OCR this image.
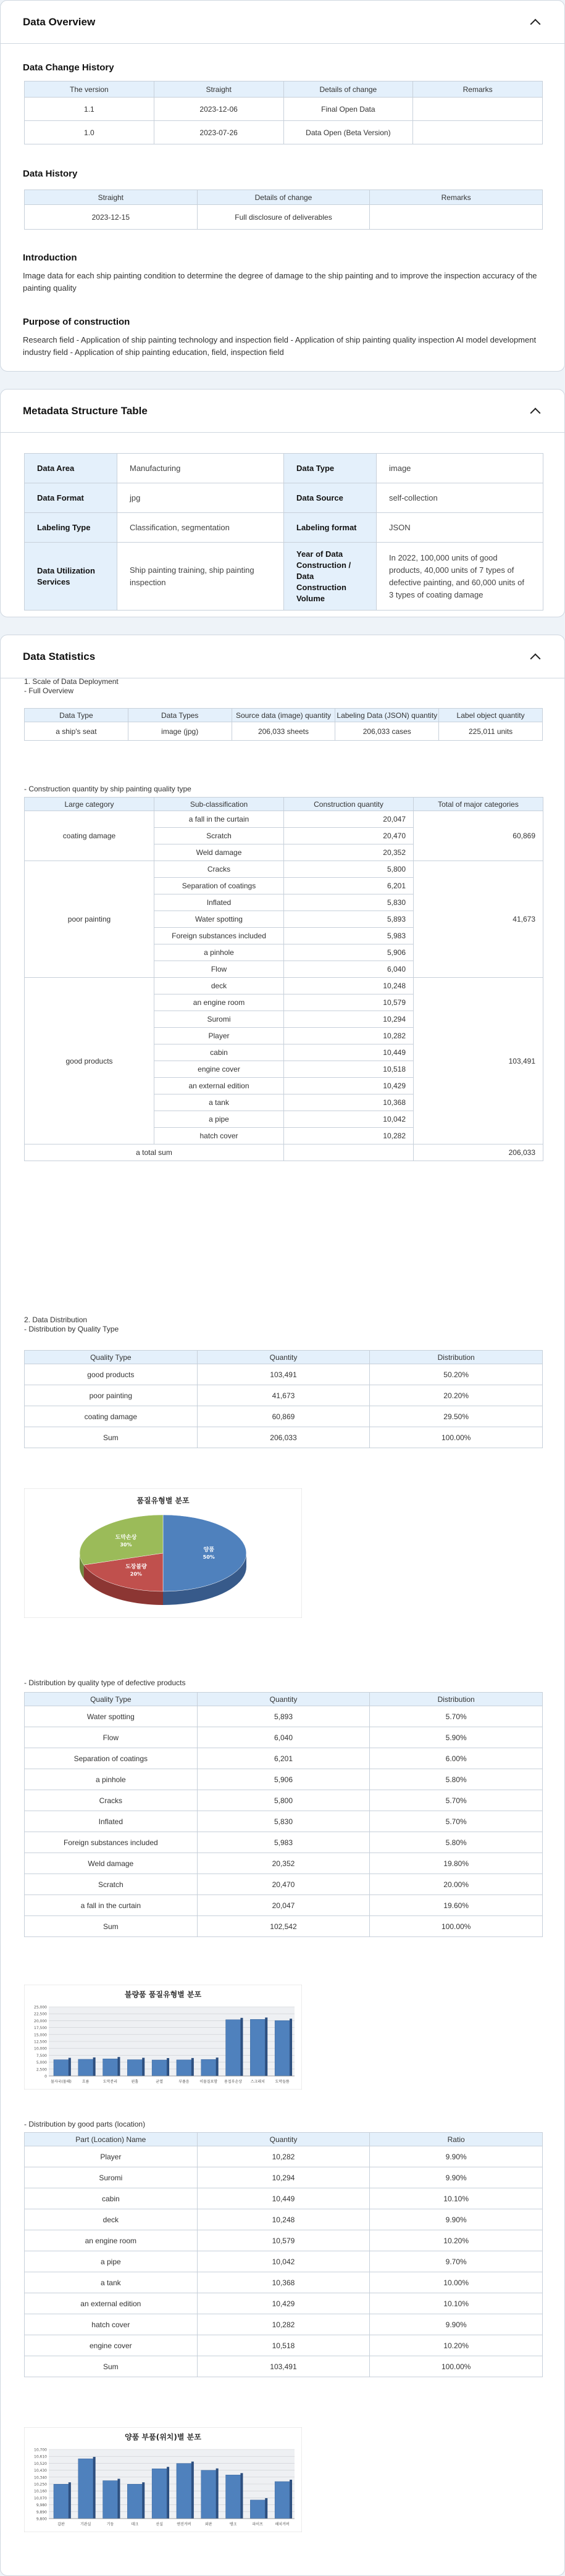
Data Overview
Data Change History
The version	Straight	Details of change	Remarks
1.1	2023-12-06	Final Open Data	
1.0	2023-07-26	Data Open (Beta Version)	
Data History
Straight	Details of change	Remarks
2023-12-15	Full disclosure of deliverables	
Introduction

Image data for each ship painting condition to determine the degree of damage to the ship painting and to improve the inspection accuracy of the painting quality

Purpose of construction

Research field - Application of ship painting technology and inspection field - Application of ship painting quality inspection AI model development industry field - Application of ship painting education, field, inspection field

Metadata Structure Table
Data Area	Manufacturing	Data Type	image
Data Format	jpg	Data Source	self-collection
Labeling Type	Classification, segmentation	Labeling format	JSON
Data Utilization Services	Ship painting training, ship painting inspection	Year of Data Construction / Data Construction Volume	In 2022, 100,000 units of good products, 40,000 units of 7 types of defective painting, and 60,000 units of 3 types of coating damage
Data Statistics
1. Scale of Data Deployment
- Full Overview
Data Type	Data Types	Source data (image) quantity	Labeling Data (JSON) quantity	Label object quantity
a ship's seat	image (jpg)	206,033 sheets	206,033 cases	225,011 units
- Construction quantity by ship painting quality type
Large category	Sub-classification	Construction quantity	Total of major categories
coating damage	a fall in the curtain	20,047	60,869
	Scratch	20,470	
	Weld damage	20,352	
poor painting	Cracks	5,800	41,673
	Separation of coatings	6,201	
	Inflated	5,830	
	Water spotting	5,893	
	Foreign substances included	5,983	
	a pinhole	5,906	
	Flow	6,040	
good products	deck	10,248	103,491
	an engine room	10,579	
	Suromi	10,294	
	Player	10,282	
	cabin	10,449	
	engine cover	10,518	
	an external edition	10,429	
	a tank	10,368	
	a pipe	10,042	
	hatch cover	10,282	
a total sum			206,033
2. Data Distribution
- Distribution by Quality Type
Quality Type	Quantity	Distribution
good products	103,491	50.20%
poor painting	41,673	20.20%
coating damage	60,869	29.50%
Sum	206,033	100.00%
품질유형별 분포
양품
50%
도장불량
20%
도막손상
30%
- Distribution by quality type of defective products
Quality Type	Quantity	Distribution
Water spotting	5,893	5.70%
Flow	6,040	5.90%
Separation of coatings	6,201	6.00%
a pinhole	5,906	5.80%
Cracks	5,800	5.70%
Inflated	5,830	5.70%
Foreign substances included	5,983	5.80%
Weld damage	20,352	19.80%
Scratch	20,470	20.00%
a fall in the curtain	20,047	19.60%
Sum	102,542	100.00%
불량품 품질유형별 분포
0
2,500
5,000
7,500
10,000
12,500
15,000
17,500
20,000
22,500
25,000
물자국(물때)	흐름	도막분리	핀홀	균열	부풀음	이물질포함 용접부손상 스크래치	도막들뜸
- Distribution by good parts (location)
Part (Location) Name	Quantity	Ratio
Player	10,282	9.90%
Suromi	10,294	9.90%
cabin	10,449	10.10%
deck	10,248	9.90%
an engine room	10,579	10.20%
a pipe	10,042	9.70%
a tank	10,368	10.00%
an external edition	10,429	10.10%
hatch cover	10,282	9.90%
engine cover	10,518	10.20%
Sum	103,491	100.00%
양품 부품(위치)별 분포
9,800
9,890
9,980
10,070
10,160
10,250
10,340
10,430
10,520
10,610
10,700
갑판	기관실	기둥	데크	선실	엔진커버	외판	탱크	파이프	해치커버
